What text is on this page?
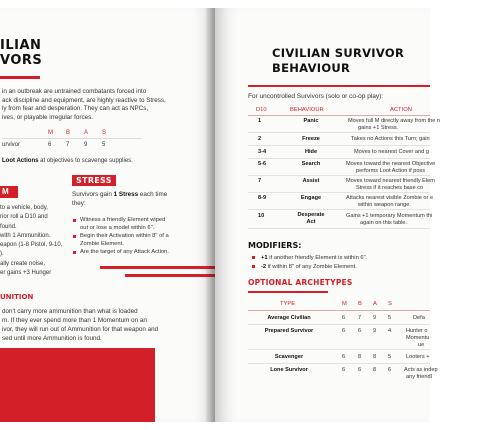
ILIAN
VORS
in an outbreak are untrained combatants forced into
ack discipline and equipment, are highly reactive to Stress,
ly from fear and desperation. They can act as NPCs,
ives, or playable irregular forces.
M B A S
urvivor	6 7 9 5
Loot Actions at objectives to scavenge supplies.
M
to a vehicle, body,
rior roll a D10 and
found.
with 1 Ammunition.
eapon (1-8 Pistol, 9-10,
).
ally create noise,
er gains +3 Hunger
STRESS
Survivors gain 1 Stress each time
they:
Witness a friendly Element wiped
out or lose a model within 6".
Begin their Activation within 8" of a
Zombie Element.
Are the target of any Attack Action.
UNITION
don't carry more ammunition than what is loaded
m. If they ever spend more than 1 Momentum on an
ivor, they will run out of Ammunition for that weapon and
sed until more Ammunition is found.
CIVILIAN SURVIVOR
BEHAVIOUR
For uncontrolled Survivors (solo or co-op play):
D10	BEHAVIOUR	ACTION
1	Panic	Moves full M directly away from the n
gains +1 Stress.
2	Freeze	Takes no Actions this Turn; gain
3-4	Hide	Moves to nearest Cover and g
5-6	Search	Moves toward the nearest Objective
performs Loot Action if poss
7	Assist	Moves toward nearest friendly Elem
Stress if it reaches base co
8-9	Engage	Attacks nearest visible Zombie or e
within weapon range.
10	Desperate
Act
Gains +1 temporary Momentum thi
again on this table.
MODIFIERS:
+1 if another friendly Element is within 6".
-2 if within 8" of any Zombie Element.
OPTIONAL ARCHETYPES
TYPE	M B A S
Average Civilian	6 7 9 5	Defa
Prepared Survivor	6 6 9 4	Hunter o
Momentu
ue
Scavenger	6 8 8 5	Looters +
Lone Survivor	6 6 8 6 Acts as indep
any friendl
